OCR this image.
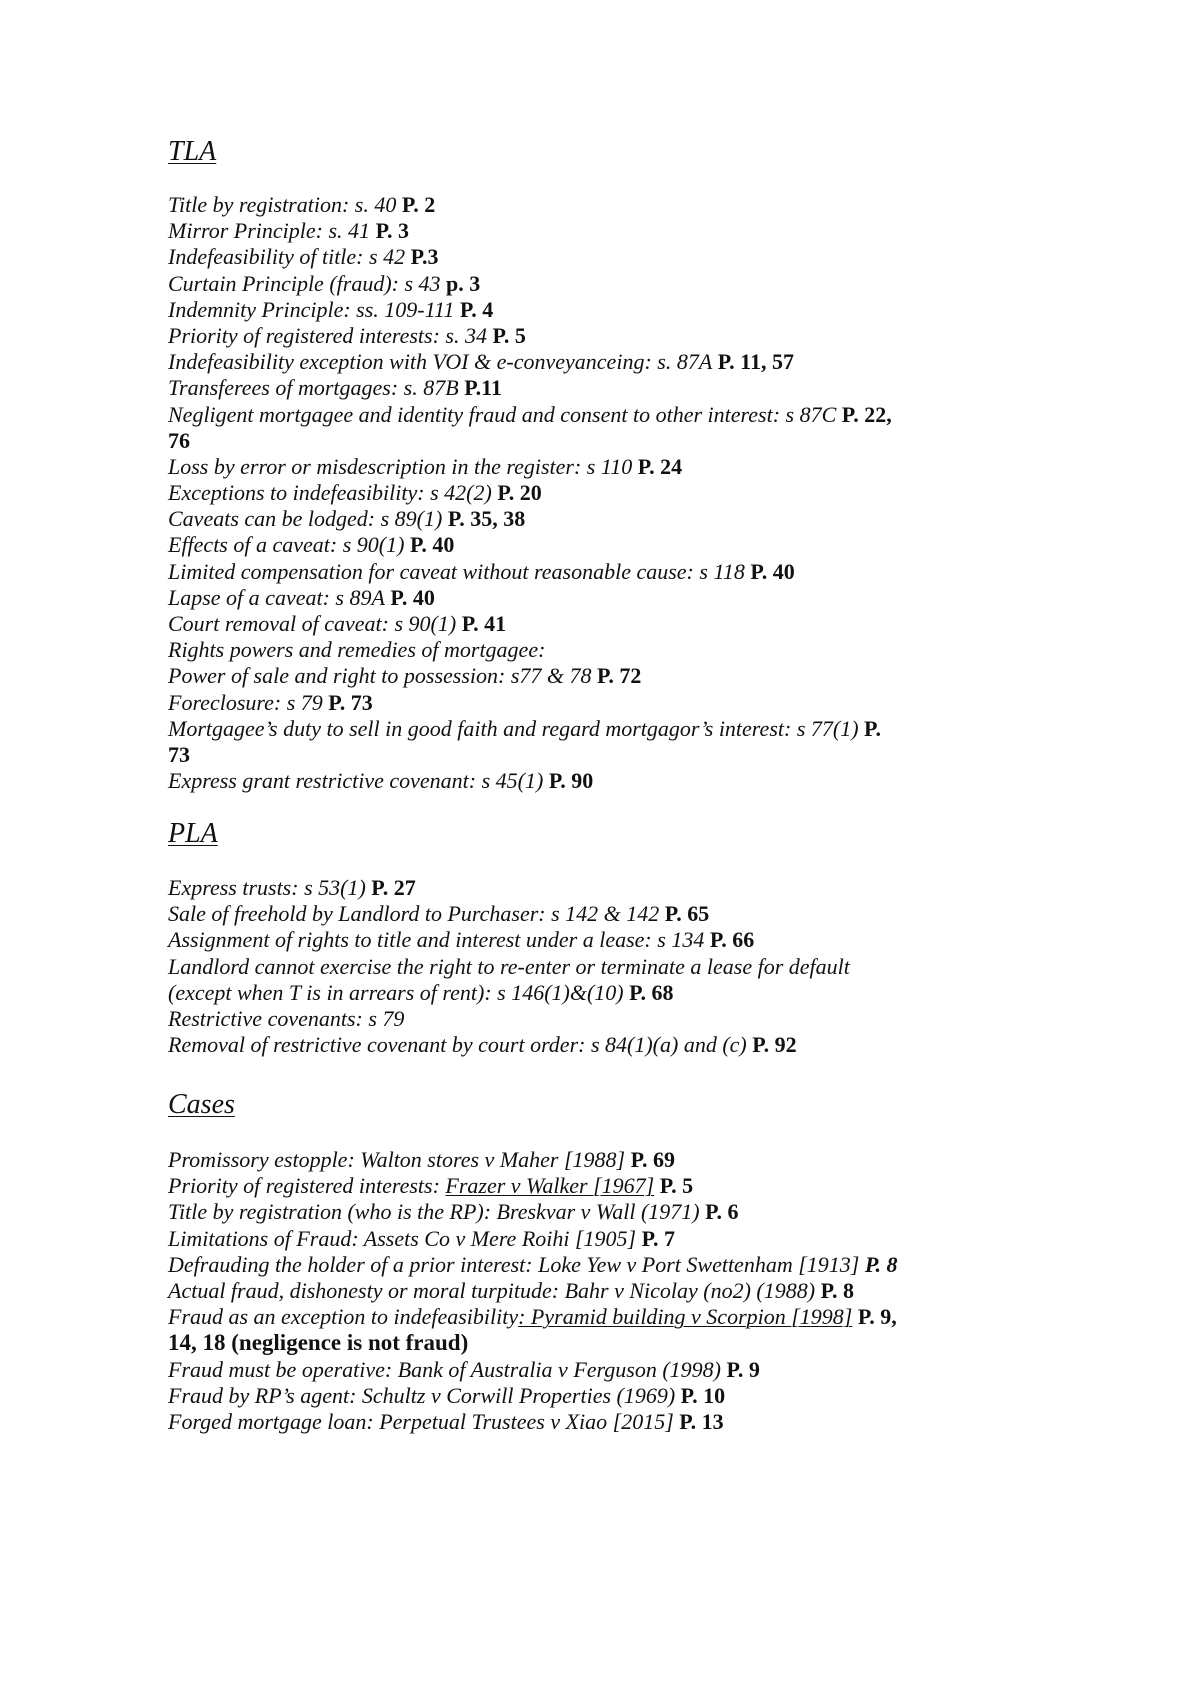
TLA
Title by registration: s. 40 P. 2
Mirror Principle: s. 41 P. 3
Indefeasibility of title: s 42 P.3
Curtain Principle (fraud): s 43 p. 3
Indemnity Principle: ss. 109-111 P. 4
Priority of registered interests: s. 34 P. 5
Indefeasibility exception with VOI & e-conveyanceing: s. 87A P. 11, 57
Transferees of mortgages: s. 87B P.11
Negligent mortgagee and identity fraud and consent to other interest: s 87C P. 22,
76
Loss by error or misdescription in the register: s 110 P. 24
Exceptions to indefeasibility: s 42(2) P. 20
Caveats can be lodged: s 89(1) P. 35, 38
Effects of a caveat: s 90(1) P. 40
Limited compensation for caveat without reasonable cause: s 118 P. 40
Lapse of a caveat: s 89A P. 40
Court removal of caveat: s 90(1) P. 41
Rights powers and remedies of mortgagee:
Power of sale and right to possession: s77 & 78 P. 72
Foreclosure: s 79 P. 73
Mortgagee’s duty to sell in good faith and regard mortgagor’s interest: s 77(1) P.
73
Express grant restrictive covenant: s 45(1) P. 90
PLA
Express trusts: s 53(1) P. 27
Sale of freehold by Landlord to Purchaser: s 142 & 142 P. 65
Assignment of rights to title and interest under a lease: s 134 P. 66
Landlord cannot exercise the right to re-enter or terminate a lease for default
(except when T is in arrears of rent): s 146(1)&(10) P. 68
Restrictive covenants: s 79
Removal of restrictive covenant by court order: s 84(1)(a) and (c) P. 92
Cases
Promissory estopple: Walton stores v Maher [1988] P. 69
Priority of registered interests: Frazer v Walker [1967] P. 5
Title by registration (who is the RP): Breskvar v Wall (1971) P. 6
Limitations of Fraud: Assets Co v Mere Roihi [1905] P. 7
Defrauding the holder of a prior interest: Loke Yew v Port Swettenham [1913] P. 8
Actual fraud, dishonesty or moral turpitude: Bahr v Nicolay (no2) (1988) P. 8
Fraud as an exception to indefeasibility: Pyramid building v Scorpion [1998] P. 9,
14, 18 (negligence is not fraud)
Fraud must be operative: Bank of Australia v Ferguson (1998) P. 9
Fraud by RP’s agent: Schultz v Corwill Properties (1969) P. 10
Forged mortgage loan: Perpetual Trustees v Xiao [2015] P. 13
